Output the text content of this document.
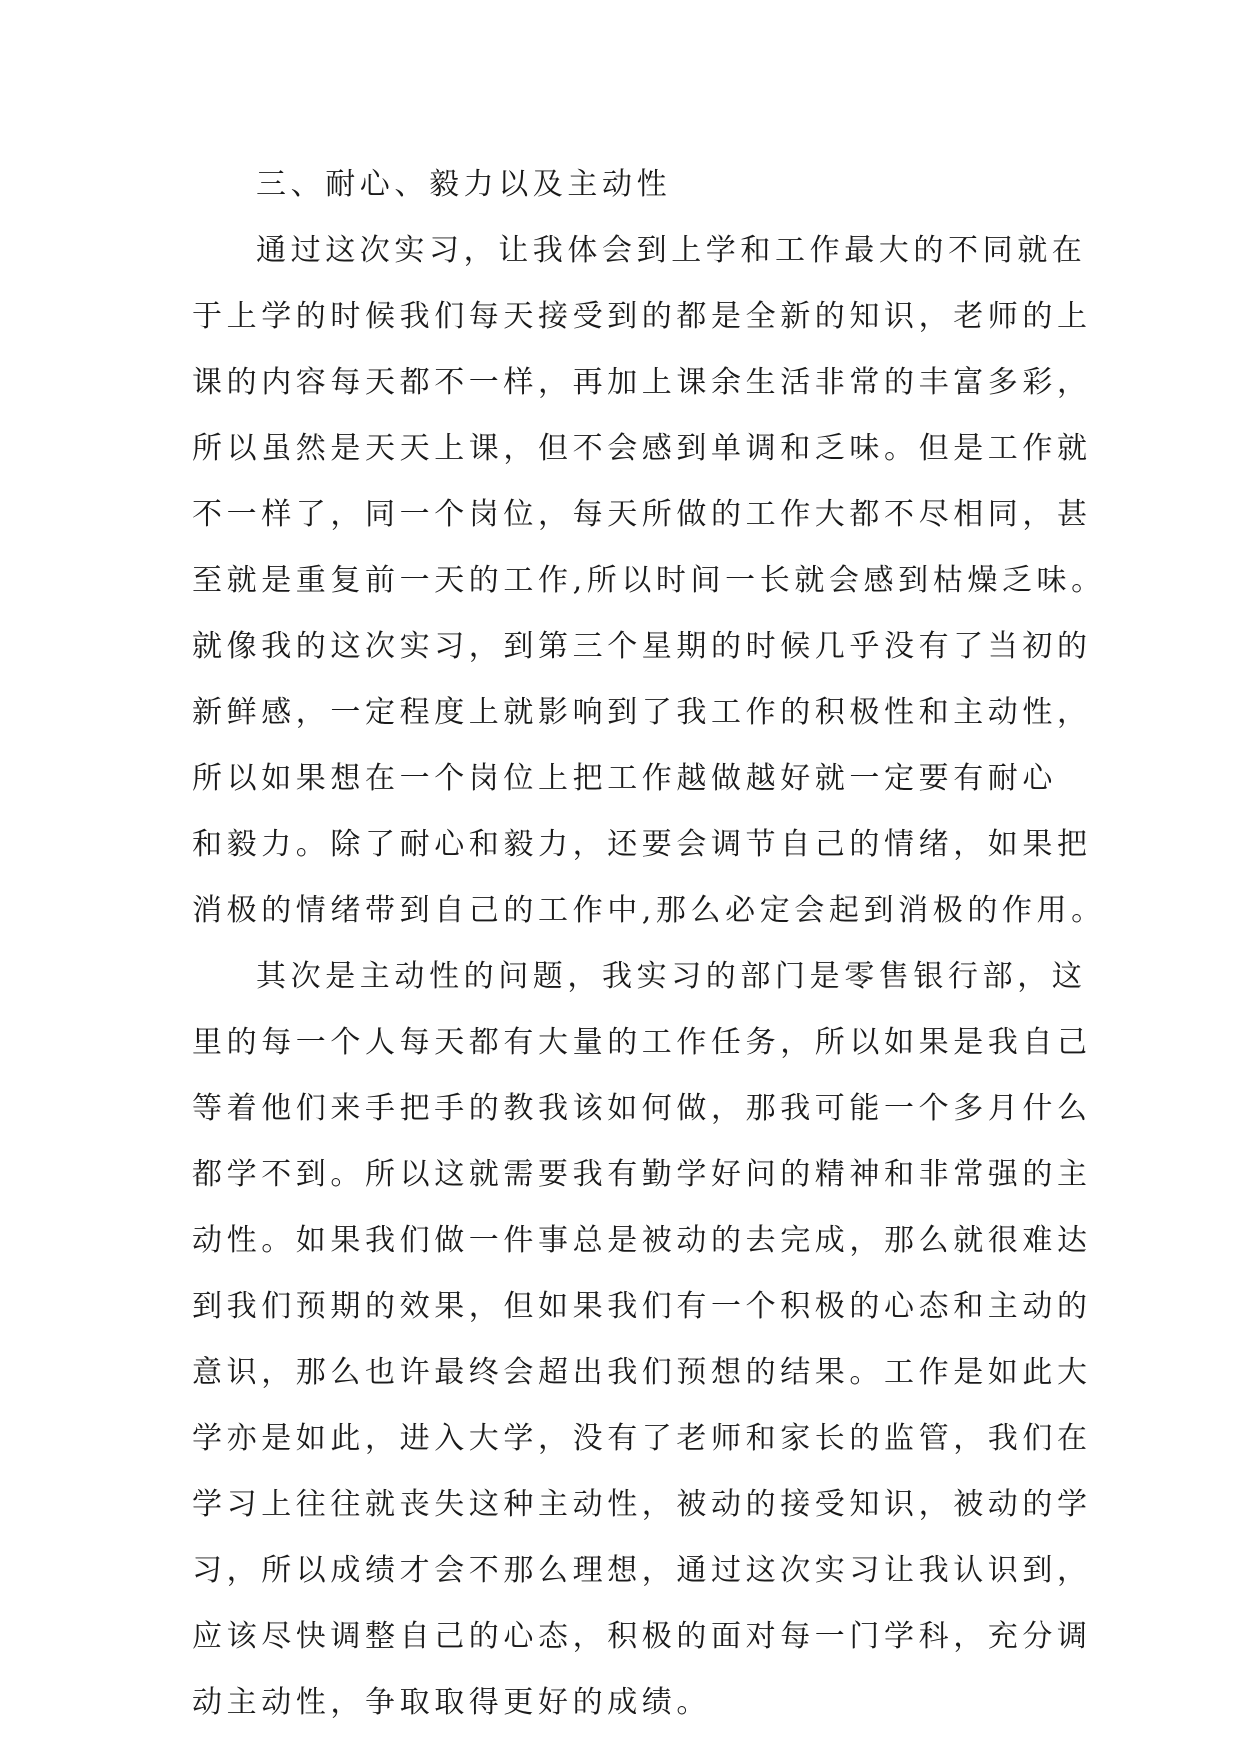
三、耐心、毅力以及主动性
通过这次实习，让我体会到上学和工作最大的不同就在
于上学的时候我们每天接受到的都是全新的知识，老师的上
课的内容每天都不一样，再加上课余生活非常的丰富多彩，
所以虽然是天天上课，但不会感到单调和乏味。但是工作就
不一样了，同一个岗位，每天所做的工作大都不尽相同，甚
至就是重复前一天的工作,所以时间一长就会感到枯燥乏味。
就像我的这次实习，到第三个星期的时候几乎没有了当初的
新鲜感，一定程度上就影响到了我工作的积极性和主动性，
所以如果想在一个岗位上把工作越做越好就一定要有耐心
和毅力。除了耐心和毅力，还要会调节自己的情绪，如果把
消极的情绪带到自己的工作中,那么必定会起到消极的作用。
其次是主动性的问题，我实习的部门是零售银行部，这
里的每一个人每天都有大量的工作任务，所以如果是我自己
等着他们来手把手的教我该如何做，那我可能一个多月什么
都学不到。所以这就需要我有勤学好问的精神和非常强的主
动性。如果我们做一件事总是被动的去完成，那么就很难达
到我们预期的效果，但如果我们有一个积极的心态和主动的
意识，那么也许最终会超出我们预想的结果。工作是如此大
学亦是如此，进入大学，没有了老师和家长的监管，我们在
学习上往往就丧失这种主动性，被动的接受知识，被动的学
习，所以成绩才会不那么理想，通过这次实习让我认识到，
应该尽快调整自己的心态，积极的面对每一门学科，充分调
动主动性，争取取得更好的成绩。
